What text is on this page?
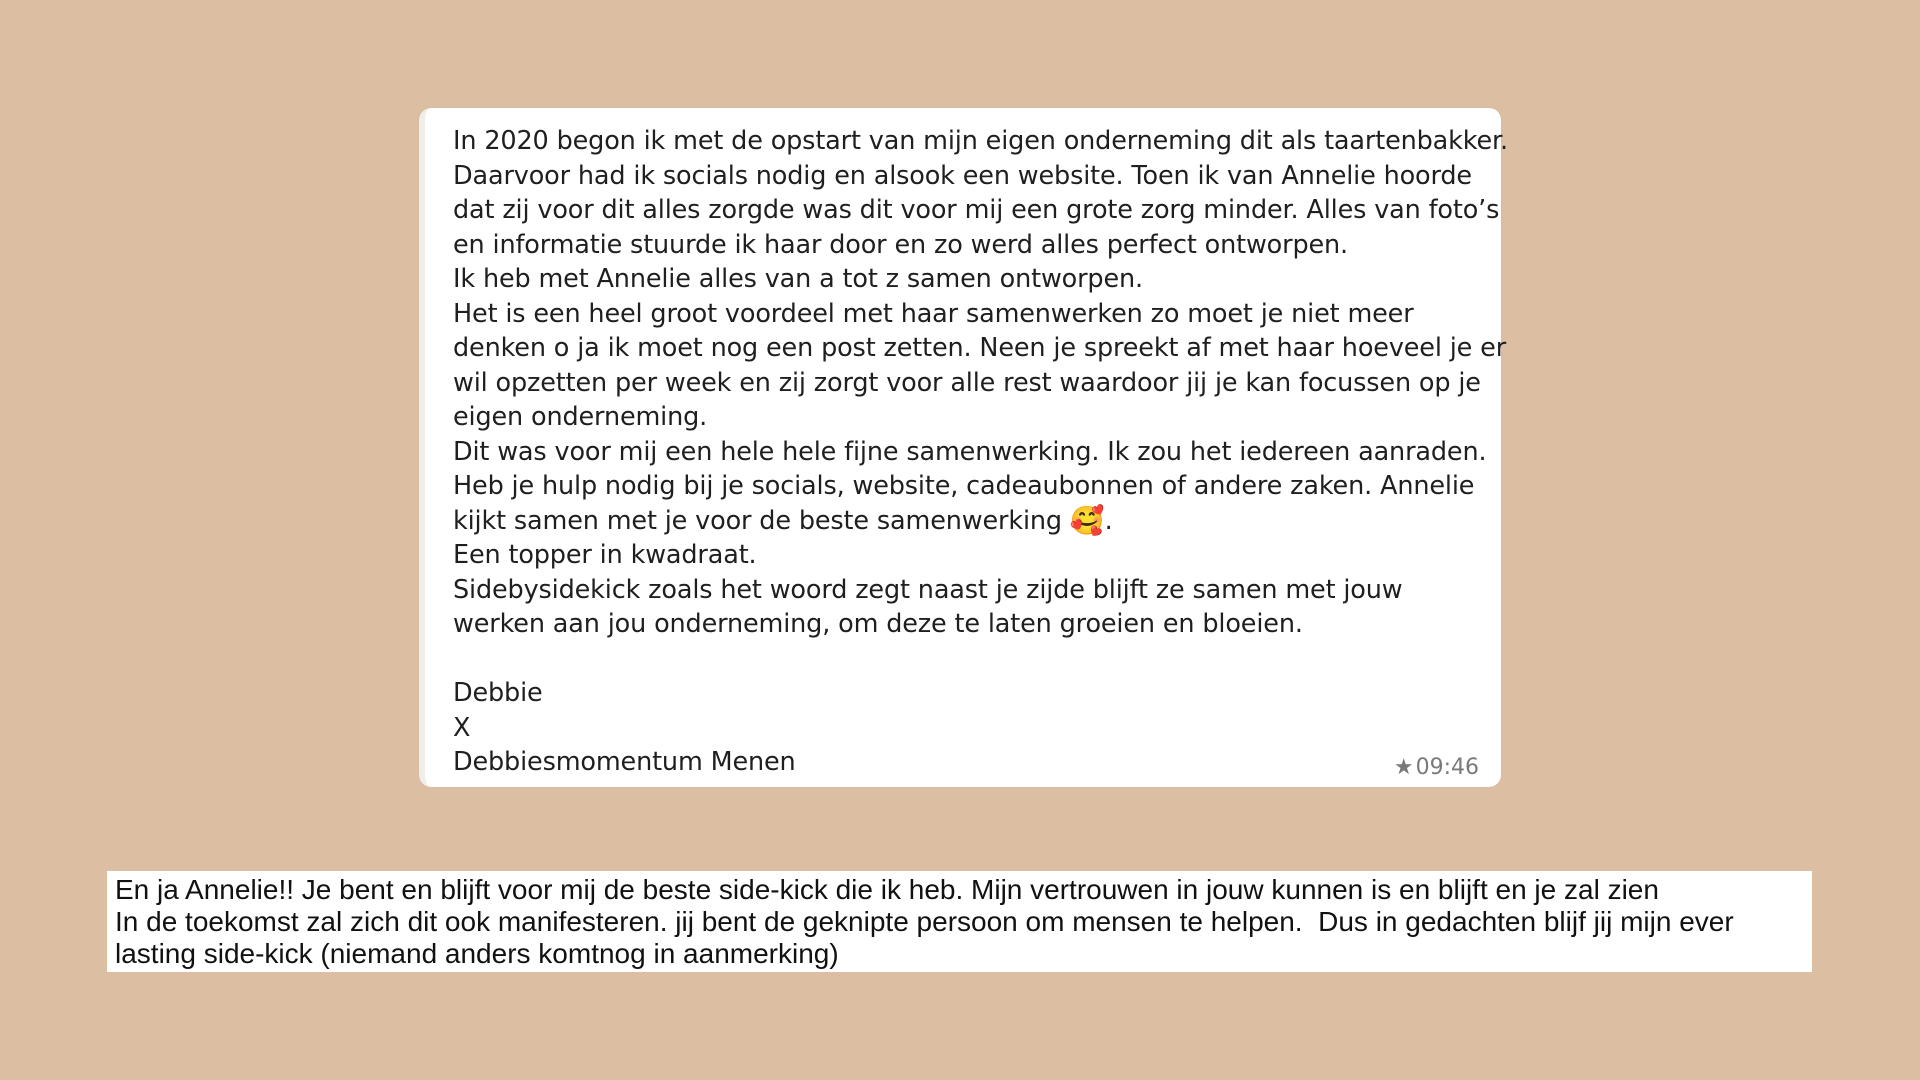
In 2020 begon ik met de opstart van mijn eigen onderneming dit als taartenbakker.
Daarvoor had ik socials nodig en alsook een website. Toen ik van Annelie hoorde
dat zij voor dit alles zorgde was dit voor mij een grote zorg minder. Alles van foto’s
en informatie stuurde ik haar door en zo werd alles perfect ontworpen.
Ik heb met Annelie alles van a tot z samen ontworpen.
Het is een heel groot voordeel met haar samenwerken zo moet je niet meer
denken o ja ik moet nog een post zetten. Neen je spreekt af met haar hoeveel je er
wil opzetten per week en zij zorgt voor alle rest waardoor jij je kan focussen op je
eigen onderneming.
Dit was voor mij een hele hele fijne samenwerking. Ik zou het iedereen aanraden.
Heb je hulp nodig bij je socials, website, cadeaubonnen of andere zaken. Annelie
kijkt samen met je voor de beste samenwerking 🥰.
Een topper in kwadraat.
Sidebysidekick zoals het woord zegt naast je zijde blijft ze samen met jouw
werken aan jou onderneming, om deze te laten groeien en bloeien.
Debbie
X
Debbiesmomentum Menen	★ 09:46
En ja Annelie!! Je bent en blijft voor mij de beste side-kick die ik heb. Mijn vertrouwen in jouw kunnen is en blijft en je zal zien
In de toekomst zal zich dit ook manifesteren. jij bent de geknipte persoon om mensen te helpen.  Dus in gedachten blijf jij mijn ever
lasting side-kick (niemand anders komtnog in aanmerking)
